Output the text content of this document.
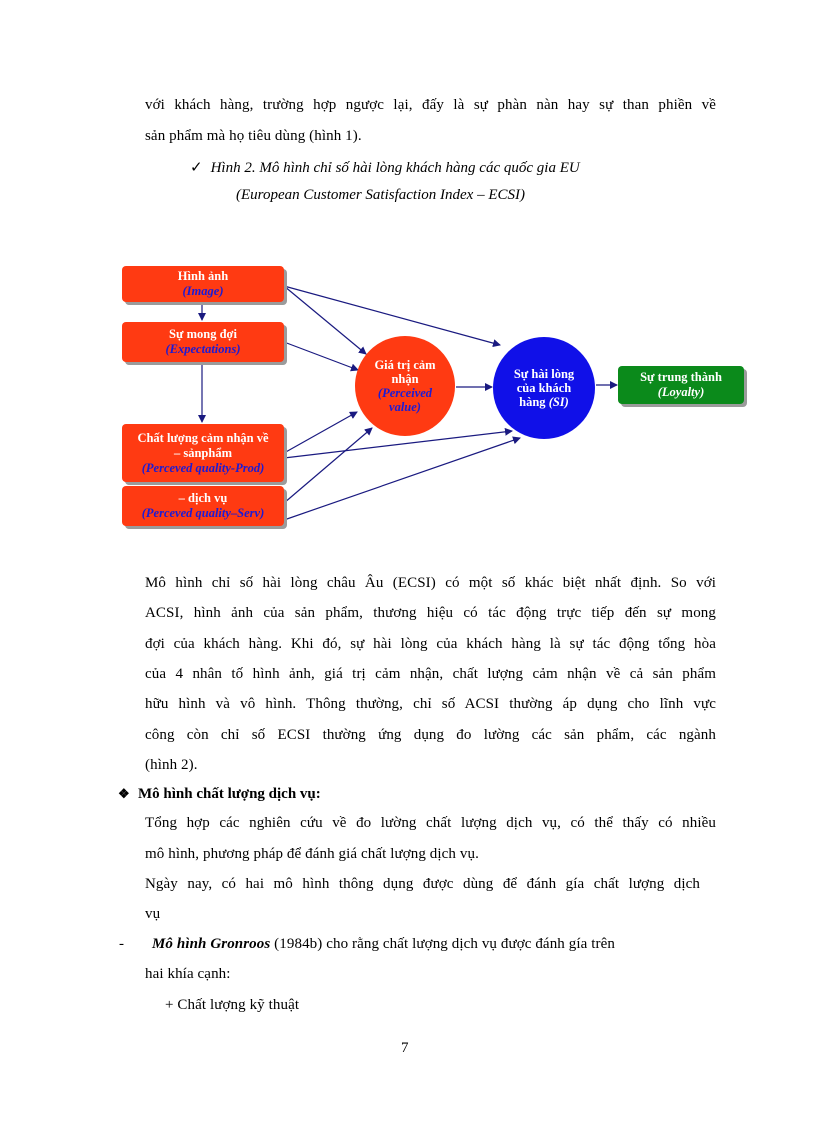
với khách hàng, trường hợp ngược lại, đấy là sự phàn nàn hay sự than phiền về
sản phẩm mà họ tiêu dùng (hình 1).
✓ Hình 2. Mô hình chỉ số hài lòng khách hàng các quốc gia EU
(European Customer Satisfaction Index – ECSI)
Hình ảnh
(Image)
Sự mong đợi
(Expectations)
Chất lượng cảm nhận về
– sảnphẩm
(Perceved quality-Prod)
– dịch vụ
(Perceved quality–Serv)
Giá trị cảm
nhận
(Perceived
value)
Sự hài lòng
của khách
hàng (SI)
Sự trung thành
(Loyalty)
Mô hình chỉ số hài lòng châu Âu (ECSI) có một số khác biệt nhất định. So với
ACSI, hình ảnh của sản phẩm, thương hiệu có tác động trực tiếp đến sự mong
đợi của khách hàng. Khi đó, sự hài lòng của khách hàng là sự tác động tổng hòa
của 4 nhân tố hình ảnh, giá trị cảm nhận, chất lượng cảm nhận về cả sản phẩm
hữu hình và vô hình. Thông thường, chỉ số ACSI thường áp dụng cho lĩnh vực
công còn chỉ số ECSI thường ứng dụng đo lường các sản phẩm, các ngành
(hình 2).
❖ Mô hình chất lượng dịch vụ:
Tổng hợp các nghiên cứu về đo lường chất lượng dịch vụ, có thể thấy có nhiều
mô hình, phương pháp để đánh giá chất lượng dịch vụ.
Ngày nay, có hai mô hình thông dụng được dùng để đánh gía chất lượng dịch
vụ
- Mô hình Gronroos (1984b) cho rằng chất lượng dịch vụ được đánh gía trên
hai khía cạnh:
+ Chất lượng kỹ thuật
7
